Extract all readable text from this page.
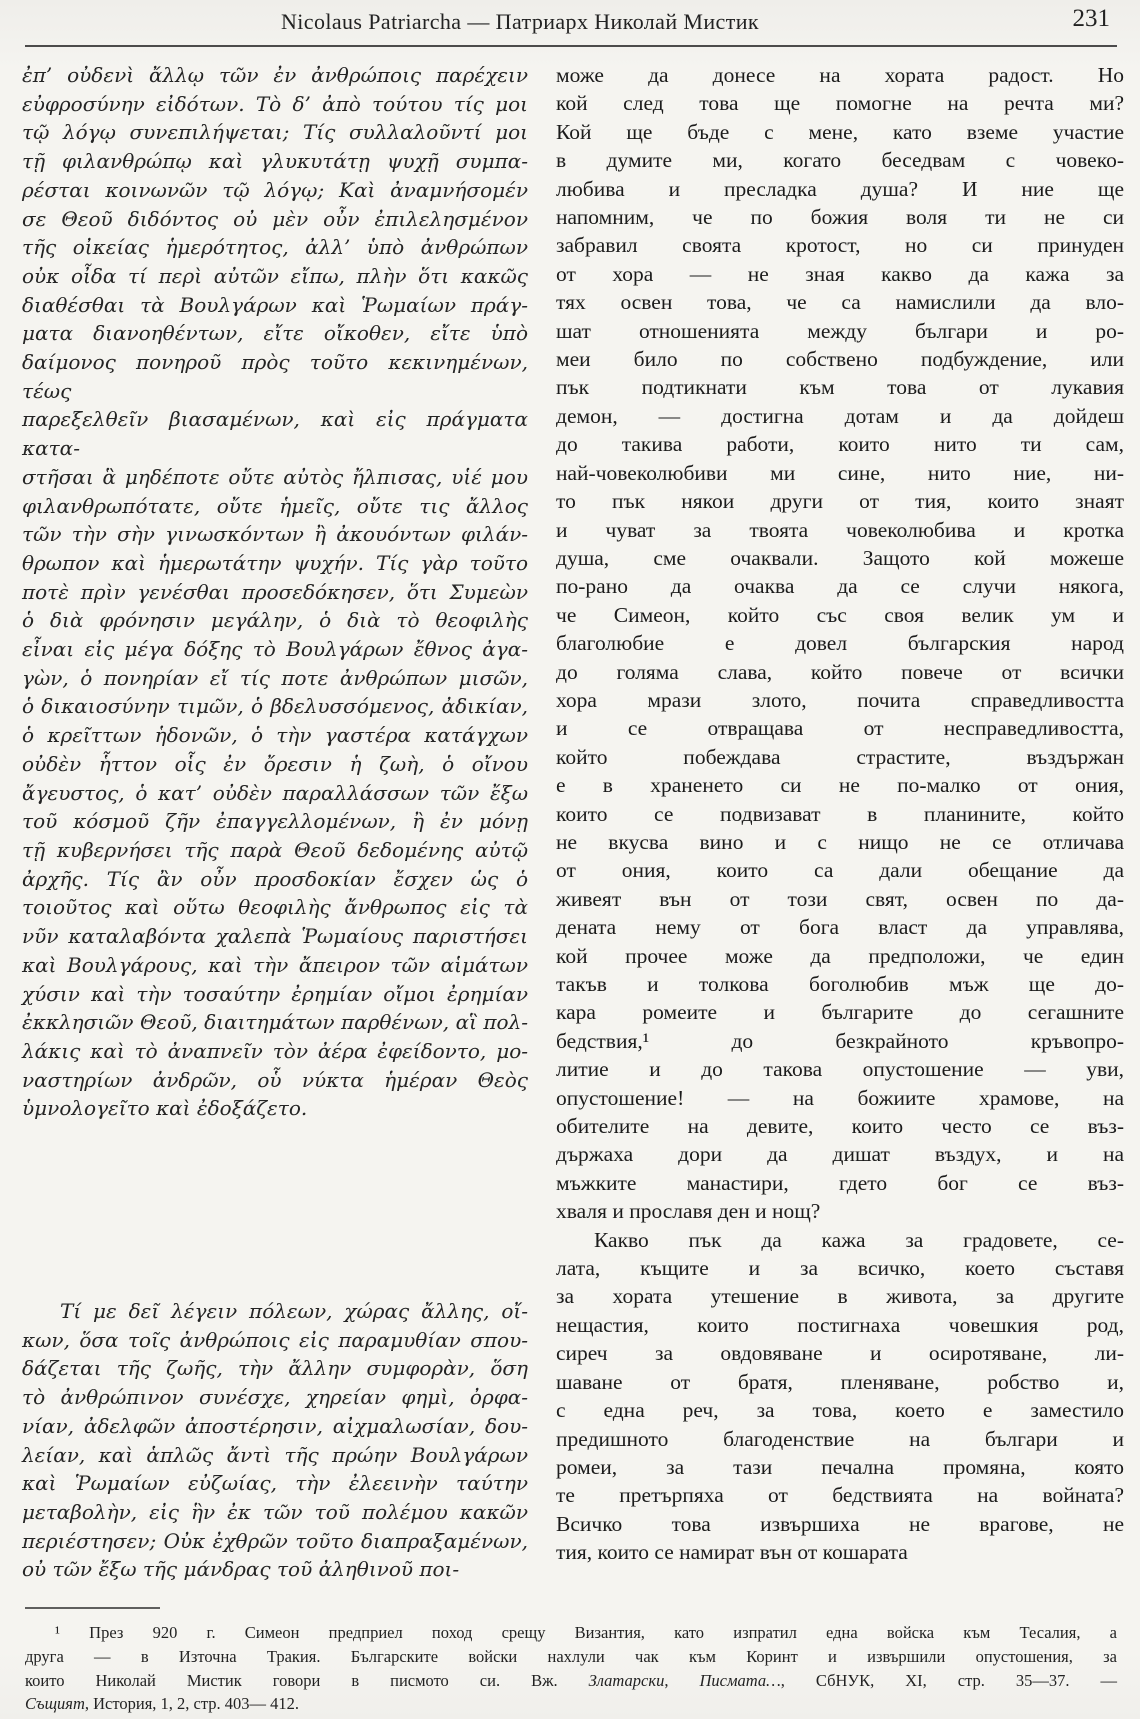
Nicolaus Patriarcha — Патриарх Николай Мистик	231
ἐπ’ οὐδενὶ ἄλλῳ τῶν ἐν ἀνθρώποις παρέχειν
εὐφροσύνην εἰδότων. Τὸ δ’ ἀπὸ τούτου τίς μοι
τῷ λόγῳ συνεπιλήψεται; Τίς συλλαλοῦντί μοι
τῇ φιλανθρώπῳ καὶ γλυκυτάτῃ ψυχῇ συμπα-
ρέσται κοινωνῶν τῷ λόγῳ; Καὶ ἀναμνήσομέν
σε Θεοῦ διδόντος οὐ μὲν οὖν ἐπιλελησμένον
τῆς οἰκείας ἡμερότητος, ἀλλ’ ὑπὸ ἀνθρώπων
οὐκ οἶδα τί περὶ αὐτῶν εἴπω, πλὴν ὅτι κακῶς
διαθέσθαι τὰ Βουλγάρων καὶ Ῥωμαίων πράγ-
ματα διανοηθέντων, εἴτε οἴκοθεν, εἴτε ὑπὸ
δαίμονος πονηροῦ πρὸς τοῦτο κεκινημένων, τέως
παρεξελθεῖν βιασαμένων, καὶ εἰς πράγματα κατα-
στῆσαι ἃ μηδέποτε οὔτε αὐτὸς ἤλπισας, υἱέ μου
φιλανθρωπότατε, οὔτε ἡμεῖς, οὔτε τις ἄλλος
τῶν τὴν σὴν γινωσκόντων ἢ ἀκουόντων φιλάν-
θρωπον καὶ ἡμερωτάτην ψυχήν. Τίς γὰρ τοῦτο
ποτὲ πρὶν γενέσθαι προσεδόκησεν, ὅτι Συμεὼν
ὁ διὰ φρόνησιν μεγάλην, ὁ διὰ τὸ θεοφιλὴς
εἶναι εἰς μέγα δόξης τὸ Βουλγάρων ἔθνος ἀγα-
γὼν, ὁ πονηρίαν εἴ τίς ποτε ἀνθρώπων μισῶν,
ὁ δικαιοσύνην τιμῶν, ὁ βδελυσσόμενος, ἀδικίαν,
ὁ κρεῖττων ἡδονῶν, ὁ τὴν γαστέρα κατάγχων
οὐδὲν ἧττον οἷς ἐν ὄρεσιν ἡ ζωὴ, ὁ οἴνου
ἄγευστος, ὁ κατ’ οὐδὲν παραλλάσσων τῶν ἔξω
τοῦ κόσμοῦ ζῆν ἐπαγγελλομένων, ἢ ἐν μόνῃ
τῇ κυβερνήσει τῆς παρὰ Θεοῦ δεδομένης αὐτῷ
ἀρχῆς. Τίς ἂν οὖν προσδοκίαν ἔσχεν ὡς ὁ
τοιοῦτος καὶ οὕτω θεοφιλὴς ἄνθρωπος εἰς τὰ
νῦν καταλαβόντα χαλεπὰ Ῥωμαίους παριστήσει
καὶ Βουλγάρους, καὶ τὴν ἄπειρον τῶν αἱμάτων
χύσιν καὶ τὴν τοσαύτην ἐρημίαν οἴμοι ἐρημίαν
ἐκκλησιῶν Θεοῦ, διαιτημάτων παρθένων, αἳ πολ-
λάκις καὶ τὸ ἀναπνεῖν τὸν ἀέρα ἐφείδοντο, μο-
ναστηρίων ἀνδρῶν, οὗ νύκτα ἡμέραν Θεὸς
ὑμνολογεῖτο καὶ ἐδοξάζετο.
Τί με δεῖ λέγειν πόλεων, χώρας ἄλλης, οἴ-
κων, ὅσα τοῖς ἀνθρώποις εἰς παραμυθίαν σπου-
δάζεται τῆς ζωῆς, τὴν ἄλλην συμφορὰν, ὅση
τὸ ἀνθρώπινον συνέσχε, χηρείαν φημὶ, ὀρφα-
νίαν, ἀδελφῶν ἀποστέρησιν, αἰχμαλωσίαν, δου-
λείαν, καὶ ἁπλῶς ἄντὶ τῆς πρώην Βουλγάρων
καὶ Ῥωμαίων εὐζωίας, τὴν ἐλεεινὴν ταύτην
μεταβολὴν, εἰς ἣν ἐκ τῶν τοῦ πολέμου κακῶν
περιέστησεν; Οὐκ ἐχθρῶν τοῦτο διαπραξαμένων,
οὐ τῶν ἔξω τῆς μάνδρας τοῦ ἀληθινοῦ ποι-
може да донесе на хората радост. Но
кой след това ще помогне на речта ми?
Кой ще бъде с мене, като вземе участие
в думите ми, когато беседвам с човеко-
любива и пресладка душа? И ние ще
напомним, че по божия воля ти не си
забравил своята кротост, но си принуден
от хора — не зная какво да кажа за
тях освен това, че са намислили да вло-
шат отношенията между българи и ро-
меи било по собствено подбуждение, или
пък подтикнати към това от лукавия
демон, — достигна дотам и да дойдеш
до такива работи, които нито ти сам,
най-човеколюбиви ми сине, нито ние, ни-
то пък някои други от тия, които знаят
и чуват за твоята човеколюбива и кротка
душа, сме очаквали. Защото кой можеше
по-рано да очаква да се случи някога,
че Симеон, който със своя велик ум и
благолюбие е довел българския народ
до голяма слава, който повече от всички
хора мрази злото, почита справедливостта
и се отвращава от несправедливостта,
който побеждава страстите, въздържан
е в храненето си не по-малко от ония,
които се подвизават в планините, който
не вкусва вино и с нищо не се отличава
от ония, които са дали обещание да
живеят вън от този свят, освен по да-
дената нему от бога власт да управлява,
кой прочее може да предположи, че един
такъв и толкова боголюбив мъж ще до-
кара ромеите и българите до сегашните
бедствия,¹ до безкрайното кръвопро-
литие и до такова опустошение — уви,
опустошение! — на божиите храмове, на
обителите на девите, които често се въз-
държаха дори да дишат въздух, и на
мъжките манастири, гдето бог се въз-
хваля и прославя ден и нощ?
Какво пък да кажа за градовете, се-
лата, къщите и за всичко, което съставя
за хората утешение в живота, за другите
нещастия, които постигнаха човешкия род,
сиреч за овдовяване и осиротяване, ли-
шаване от братя, пленяване, робство и,
с една реч, за това, което е заместило
предишното благоденствие на българи и
ромеи, за тази печална промяна, която
те претърпяха от бедствията на войната?
Всичко това извършиха не врагове, не
тия, които се намират вън от кошарата
¹ През 920 г. Симеон предприел поход срещу Византия, като изпратил една войска към Тесалия, а
друга — в Източна Тракия. Българските войски нахлули чак към Коринт и извършили опустошения, за
които Николай Мистик говори в писмото си. Вж. Златарски, Писмата…, СбНУК, XI, стр. 35—37. —
Същият, История, 1, 2, стр. 403— 412.
